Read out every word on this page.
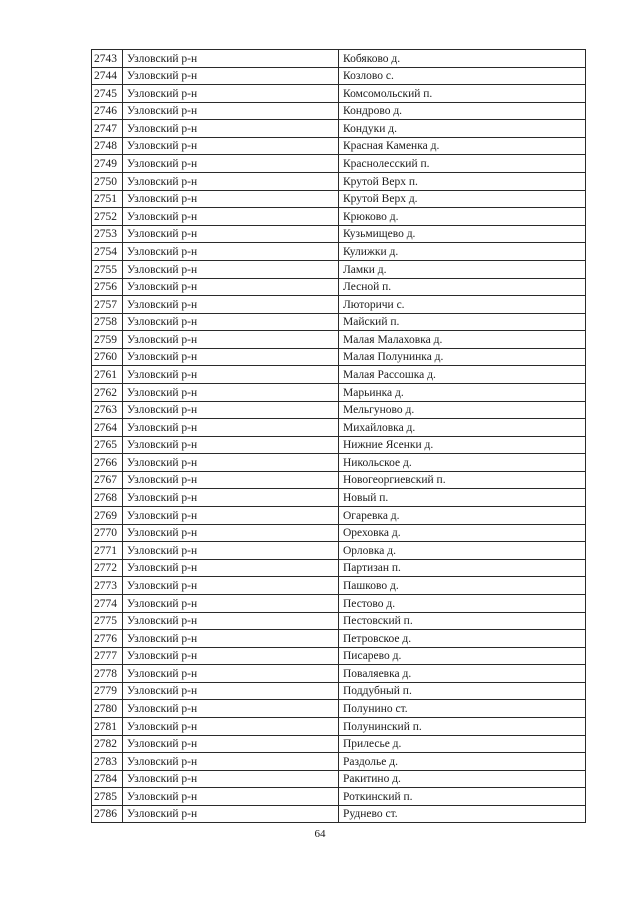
2743	Узловский р-н	Кобяково д.
2744	Узловский р-н	Козлово с.
2745	Узловский р-н	Комсомольский п.
2746	Узловский р-н	Кондрово д.
2747	Узловский р-н	Кондуки д.
2748	Узловский р-н	Красная Каменка д.
2749	Узловский р-н	Краснолесский п.
2750	Узловский р-н	Крутой Верх п.
2751	Узловский р-н	Крутой Верх д.
2752	Узловский р-н	Крюково д.
2753	Узловский р-н	Кузьмищево д.
2754	Узловский р-н	Кулижки д.
2755	Узловский р-н	Ламки д.
2756	Узловский р-н	Лесной п.
2757	Узловский р-н	Люторичи с.
2758	Узловский р-н	Майский п.
2759	Узловский р-н	Малая Малаховка д.
2760	Узловский р-н	Малая Полунинка д.
2761	Узловский р-н	Малая Рассошка д.
2762	Узловский р-н	Марьинка д.
2763	Узловский р-н	Мельгуново д.
2764	Узловский р-н	Михайловка д.
2765	Узловский р-н	Нижние Ясенки д.
2766	Узловский р-н	Никольское д.
2767	Узловский р-н	Новогеоргиевский п.
2768	Узловский р-н	Новый п.
2769	Узловский р-н	Огаревка д.
2770	Узловский р-н	Ореховка д.
2771	Узловский р-н	Орловка д.
2772	Узловский р-н	Партизан п.
2773	Узловский р-н	Пашково д.
2774	Узловский р-н	Пестово д.
2775	Узловский р-н	Пестовский п.
2776	Узловский р-н	Петровское д.
2777	Узловский р-н	Писарево д.
2778	Узловский р-н	Поваляевка д.
2779	Узловский р-н	Поддубный п.
2780	Узловский р-н	Полунино ст.
2781	Узловский р-н	Полунинский п.
2782	Узловский р-н	Прилесье д.
2783	Узловский р-н	Раздолье д.
2784	Узловский р-н	Ракитино д.
2785	Узловский р-н	Роткинский п.
2786	Узловский р-н	Руднево ст.
64
